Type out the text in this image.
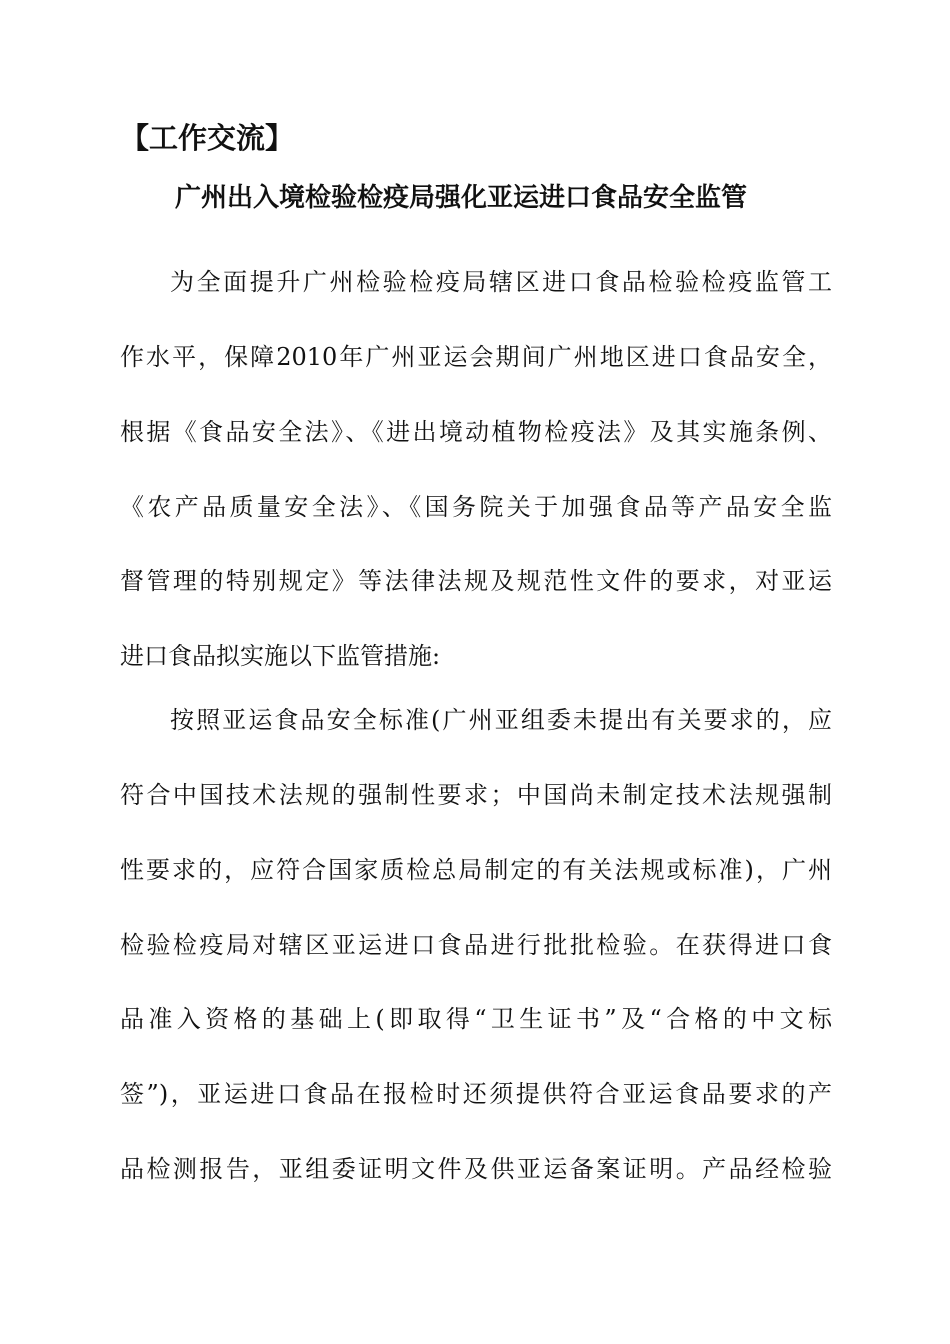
【工作交流】
广州出入境检验检疫局强化亚运进口食品安全监管

为全面提升广州检验检疫局辖区进口食品检验检疫监管工

作水平，保障2010年广州亚运会期间广州地区进口食品安全，

根据《食品安全法》、《进出境动植物检疫法》及其实施条例、

《农产品质量安全法》、《国务院关于加强食品等产品安全监

督管理的特别规定》等法律法规及规范性文件的要求，对亚运

进口食品拟实施以下监管措施:

按照亚运食品安全标准(广州亚组委未提出有关要求的，应

符合中国技术法规的强制性要求；中国尚未制定技术法规强制

性要求的，应符合国家质检总局制定的有关法规或标准)，广州

检验检疫局对辖区亚运进口食品进行批批检验。在获得进口食

品准入资格的基础上(即取得“卫生证书”及“合格的中文标

签”)，亚运进口食品在报检时还须提供符合亚运食品要求的产

品检测报告，亚组委证明文件及供亚运备案证明。产品经检验
